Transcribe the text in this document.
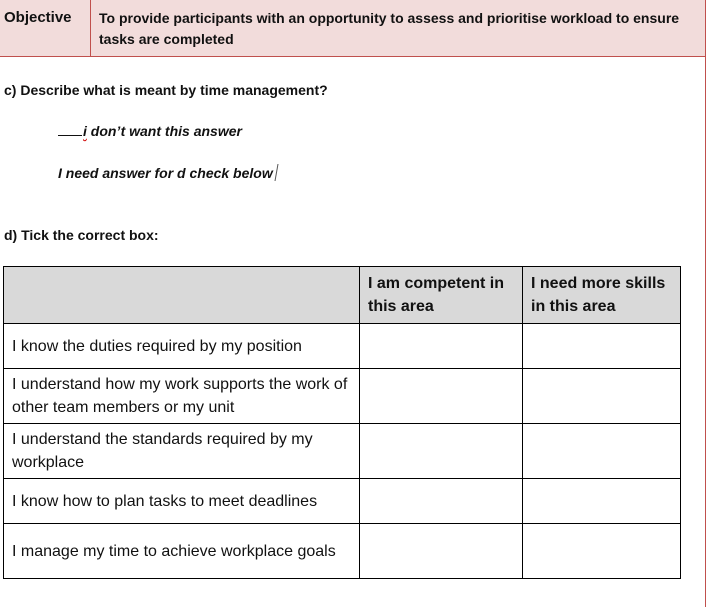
Objective To provide participants with an opportunity to assess and prioritise workload to ensure tasks are completed
c) Describe what is meant by time management?
i don’t want this answer
I need answer for d check below
d) Tick the correct box:
	I am competent in this area	I need more skills in this area
I know the duties required by my position		
I understand how my work supports the work of other team members or my unit		
I understand the standards required by my workplace		
I know how to plan tasks to meet deadlines		
I manage my time to achieve workplace goals		
